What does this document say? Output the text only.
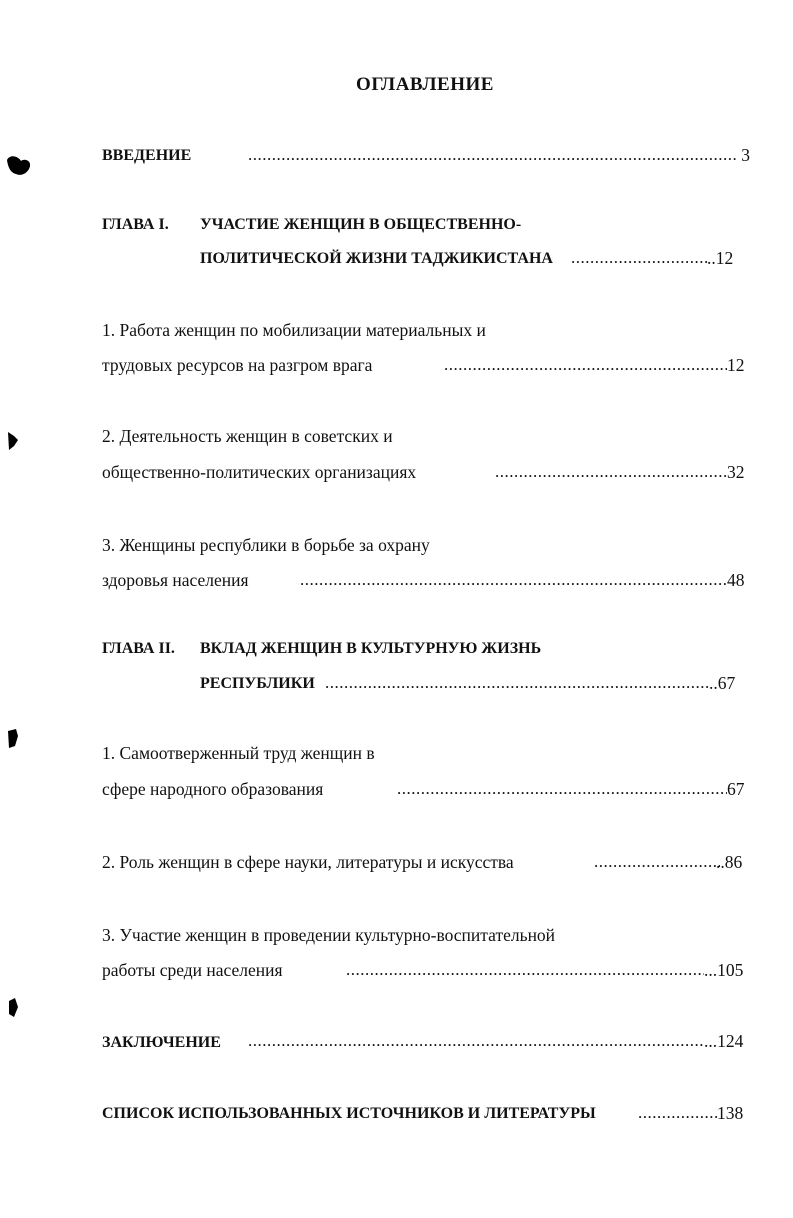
ОГЛАВЛЕНИЕ
ВВЕДЕНИЕ .....	3
ГЛАВА I. УЧАСТИЕ ЖЕНЩИН В ОБЩЕСТВЕННО-
ПОЛИТИЧЕСКОЙ ЖИЗНИ ТАДЖИКИСТАНА .....	..12
1. Работа женщин по мобилизации материальных и
трудовых ресурсов на разгром врага .....	12
2. Деятельность женщин в советских и
общественно-политических организациях .....	32
3. Женщины республики в борьбе за охрану
здоровья населения .....	48
ГЛАВА II. ВКЛАД ЖЕНЩИН В КУЛЬТУРНУЮ ЖИЗНЬ
РЕСПУБЛИКИ .....	..67
1. Самоотверженный труд женщин в
сфере народного образования .....	67
2. Роль женщин в сфере науки, литературы и искусства .....	..86
3. Участие женщин в проведении культурно-воспитательной
работы среди населения .....	...105
ЗАКЛЮЧЕНИЕ .....	...124
СПИСОК ИСПОЛЬЗОВАННЫХ ИСТОЧНИКОВ И ЛИТЕРАТУРЫ .....	138
